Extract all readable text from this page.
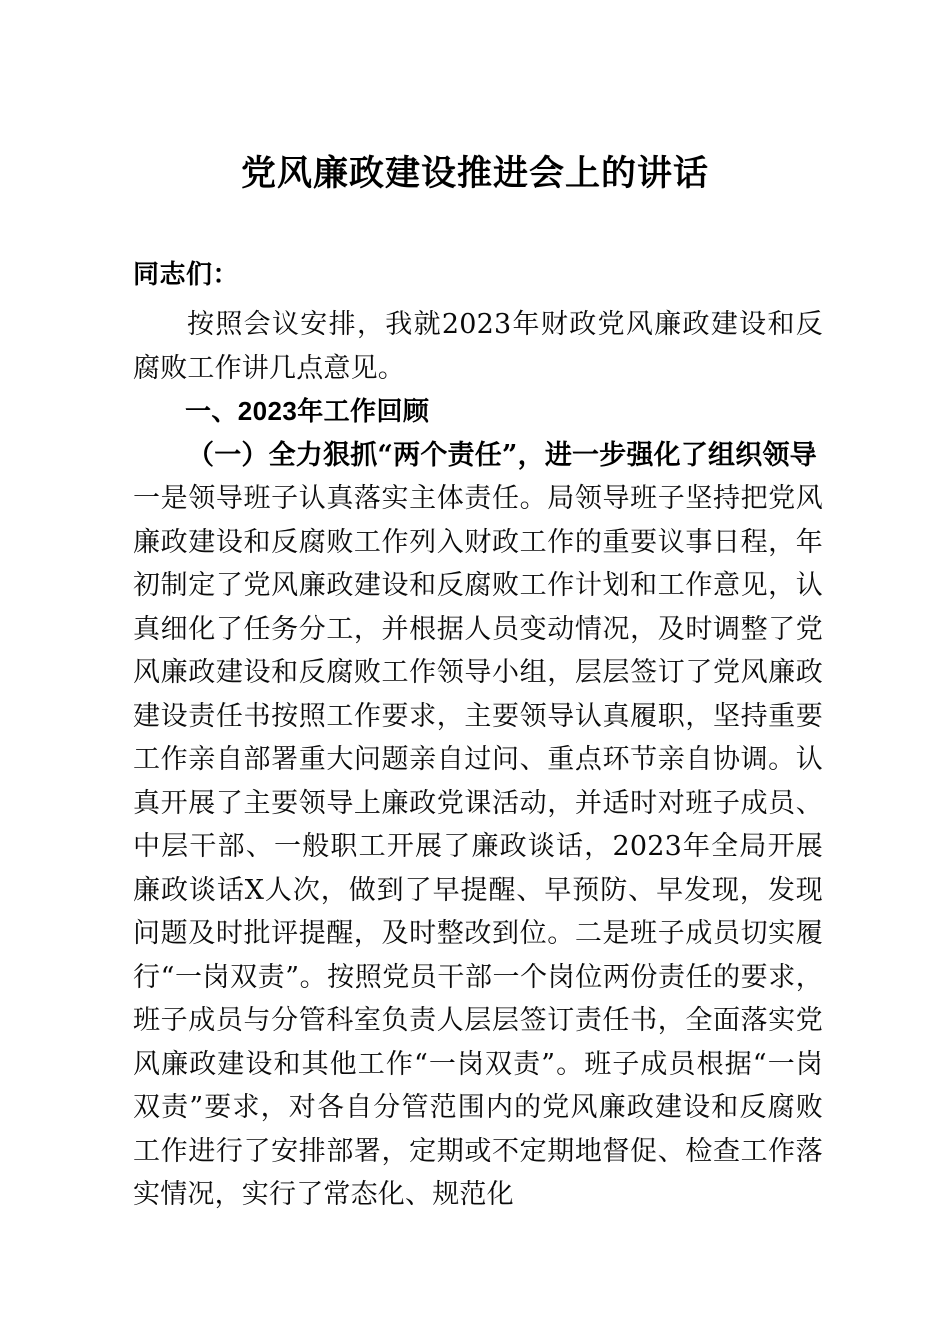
党风廉政建设推进会上的讲话
同志们：

按照会议安排，我就2023年财政党风廉政建设和反腐败工作讲几点意见。

一、2023年工作回顾

（一）全力狠抓“两个责任”，进一步强化了组织领导

一是领导班子认真落实主体责任。局领导班子坚持把党风廉政建设和反腐败工作列入财政工作的重要议事日程，年初制定了党风廉政建设和反腐败工作计划和工作意见，认真细化了任务分工，并根据人员变动情况，及时调整了党风廉政建设和反腐败工作领导小组，层层签订了党风廉政建设责任书按照工作要求，主要领导认真履职，坚持重要工作亲自部署重大问题亲自过问、重点环节亲自协调。认真开展了主要领导上廉政党课活动，并适时对班子成员、中层干部、一般职工开展了廉政谈话，2023年全局开展廉政谈话X人次，做到了早提醒、早预防、早发现，发现问题及时批评提醒，及时整改到位。二是班子成员切实履行“一岗双责”。按照党员干部一个岗位两份责任的要求，班子成员与分管科室负责人层层签订责任书，全面落实党风廉政建设和其他工作“一岗双责”。班子成员根据“一岗双责”要求，对各自分管范围内的党风廉政建设和反腐败工作进行了安排部署，定期或不定期地督促、检查工作落实情况，实行了常态化、规范化
